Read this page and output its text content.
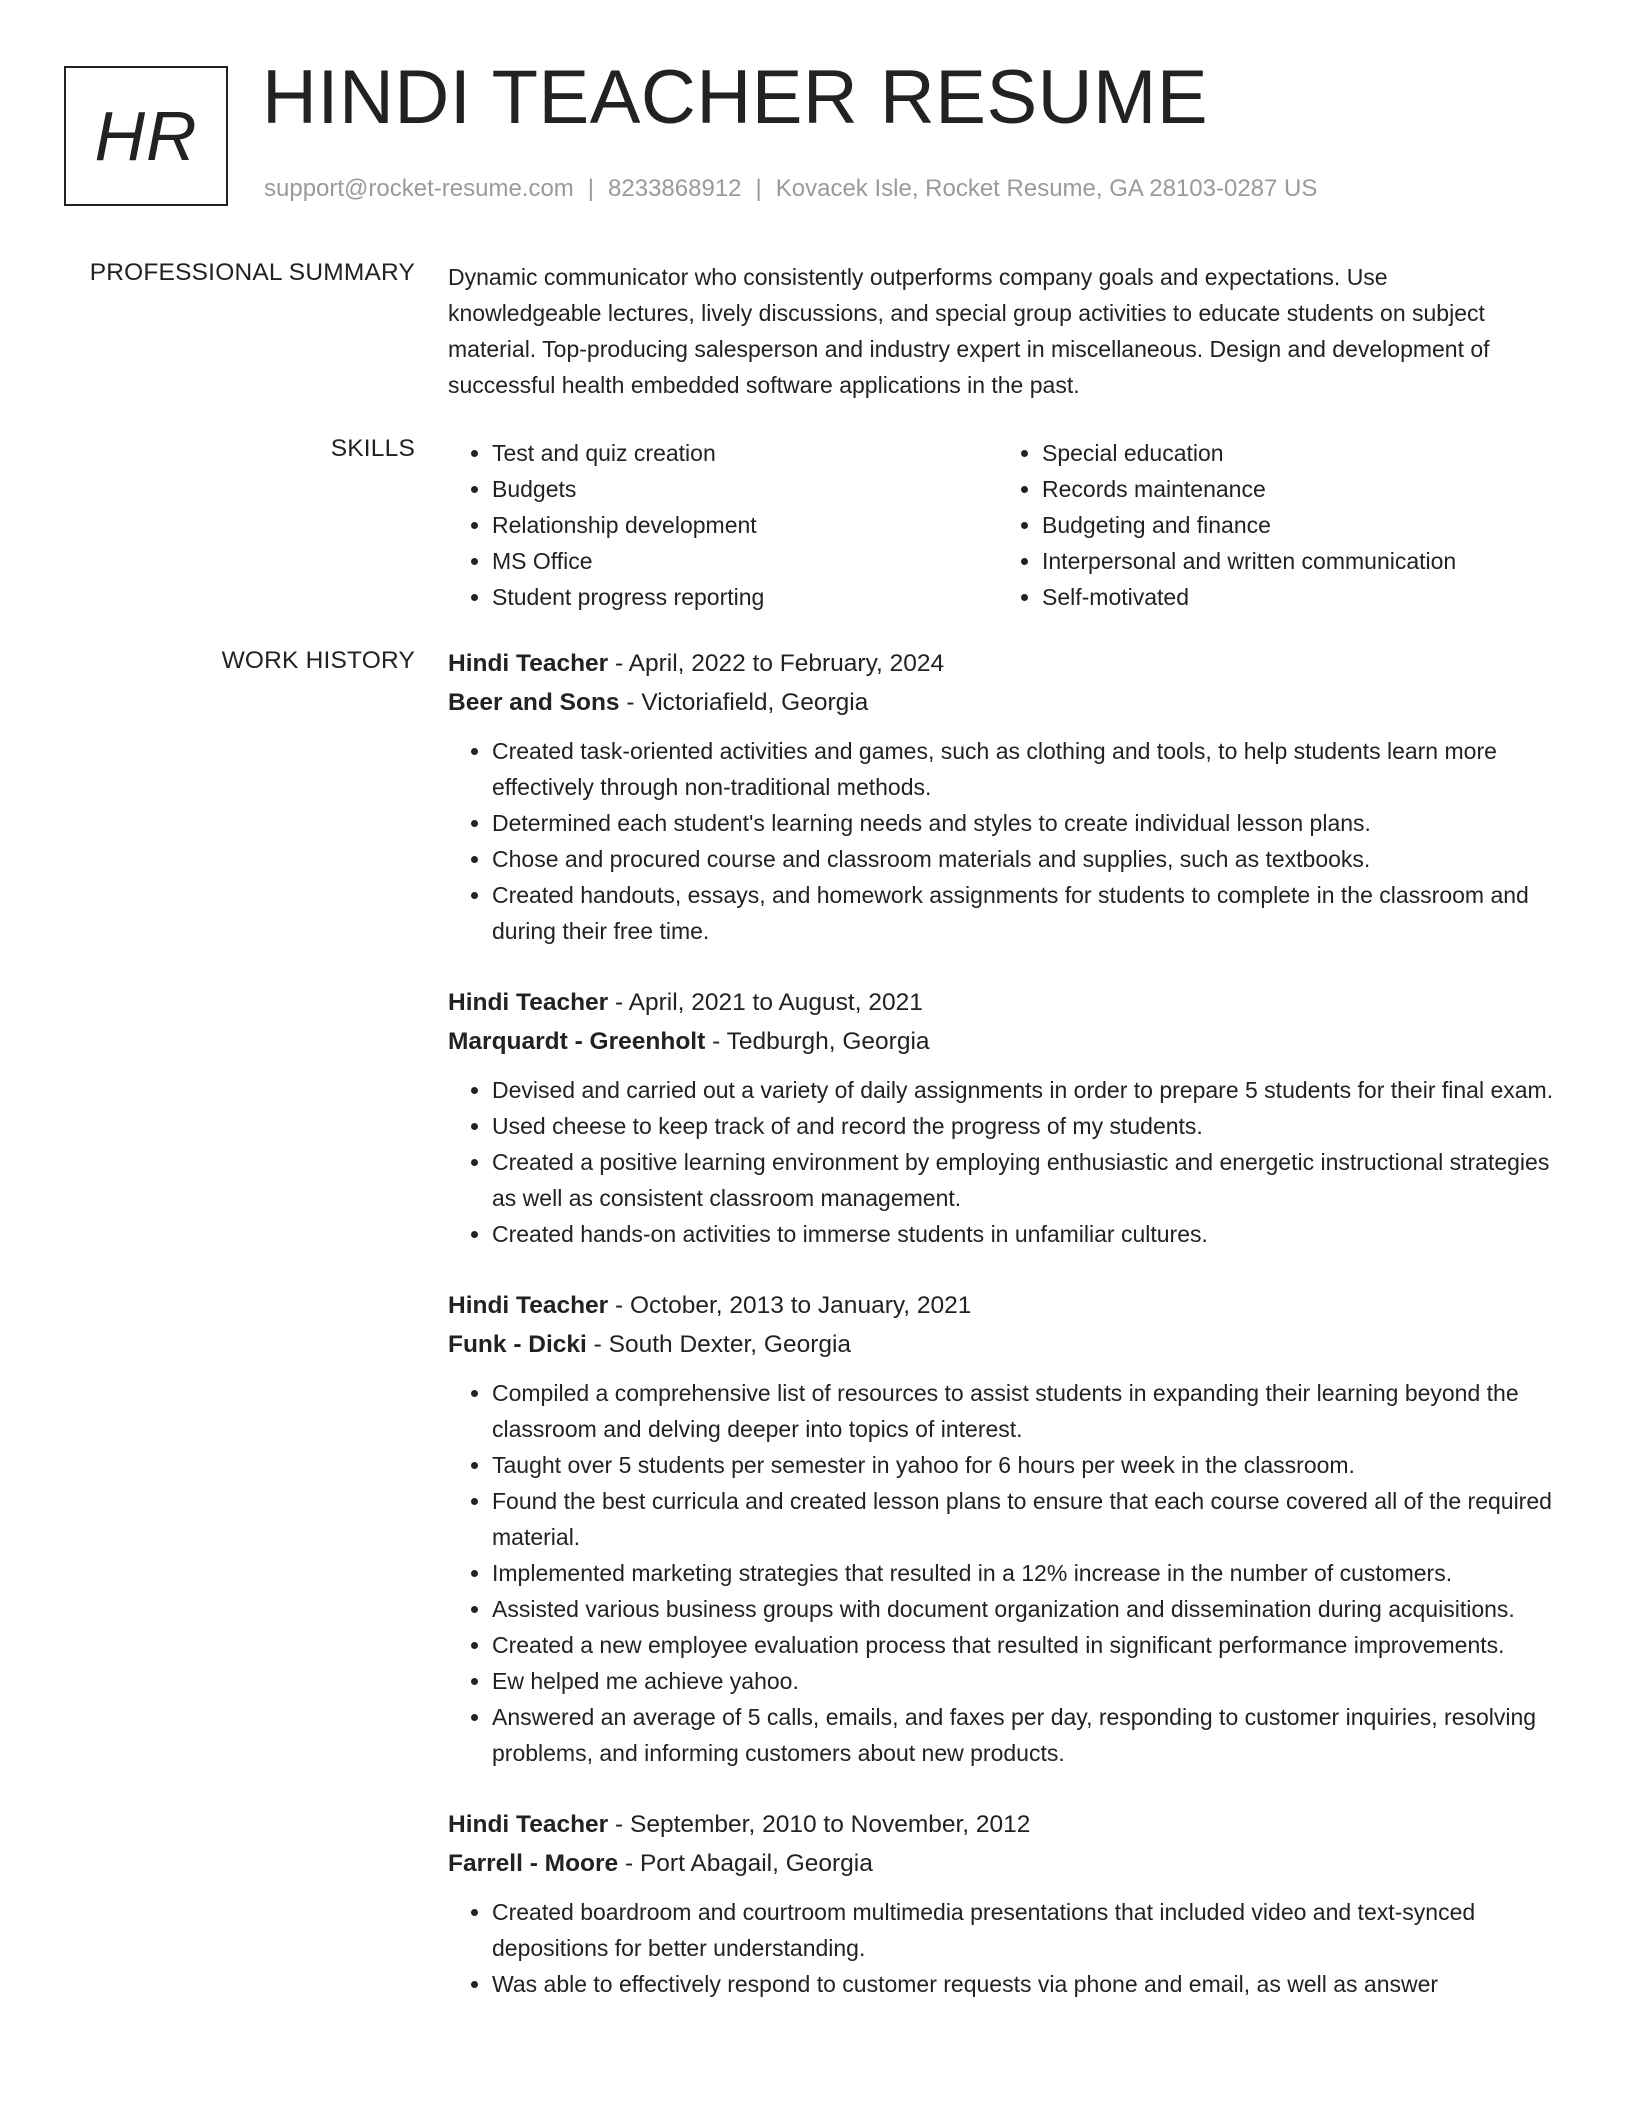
HR HINDI TEACHER RESUME
support@rocket-resume.com | 8233868912 | Kovacek Isle, Rocket Resume, GA 28103-0287 US
PROFESSIONAL SUMMARY Dynamic communicator who consistently outperforms company goals and expectations. Use knowledgeable lectures, lively discussions, and special group activities to educate students on subject material. Top-producing salesperson and industry expert in miscellaneous. Design and development of successful health embedded software applications in the past.

SKILLS
•	Test and quiz creation
• Budgets
• Relationship development
• MS Office
• Student progress reporting
• Special education
• Records maintenance
• Budgeting and finance
• Interpersonal and written communication
• Self-motivated
WORK HISTORY Hindi Teacher - April, 2022 to February, 2024
Beer and Sons - Victoriafield, Georgia
• Created task-oriented activities and games, such as clothing and tools, to help students learn more effectively through non-traditional methods.
• Determined each student's learning needs and styles to create individual lesson plans.
• Chose and procured course and classroom materials and supplies, such as textbooks.
• Created handouts, essays, and homework assignments for students to complete in the classroom and during their free time.
Hindi Teacher - April, 2021 to August, 2021
Marquardt - Greenholt - Tedburgh, Georgia
• Devised and carried out a variety of daily assignments in order to prepare 5 students for their final exam.
• Used cheese to keep track of and record the progress of my students.
• Created a positive learning environment by employing enthusiastic and energetic instructional strategies as well as consistent classroom management.
• Created hands-on activities to immerse students in unfamiliar cultures.
Hindi Teacher - October, 2013 to January, 2021
Funk - Dicki - South Dexter, Georgia
• Compiled a comprehensive list of resources to assist students in expanding their learning beyond the classroom and delving deeper into topics of interest.
• Taught over 5 students per semester in yahoo for 6 hours per week in the classroom.
• Found the best curricula and created lesson plans to ensure that each course covered all of the required material.
• Implemented marketing strategies that resulted in a 12% increase in the number of customers.
• Assisted various business groups with document organization and dissemination during acquisitions.
• Created a new employee evaluation process that resulted in significant performance improvements.
• Ew helped me achieve yahoo.
• Answered an average of 5 calls, emails, and faxes per day, responding to customer inquiries, resolving problems, and informing customers about new products.
Hindi Teacher - September, 2010 to November, 2012
Farrell - Moore - Port Abagail, Georgia
• Created boardroom and courtroom multimedia presentations that included video and text-synced depositions for better understanding.
• Was able to effectively respond to customer requests via phone and email, as well as answer
